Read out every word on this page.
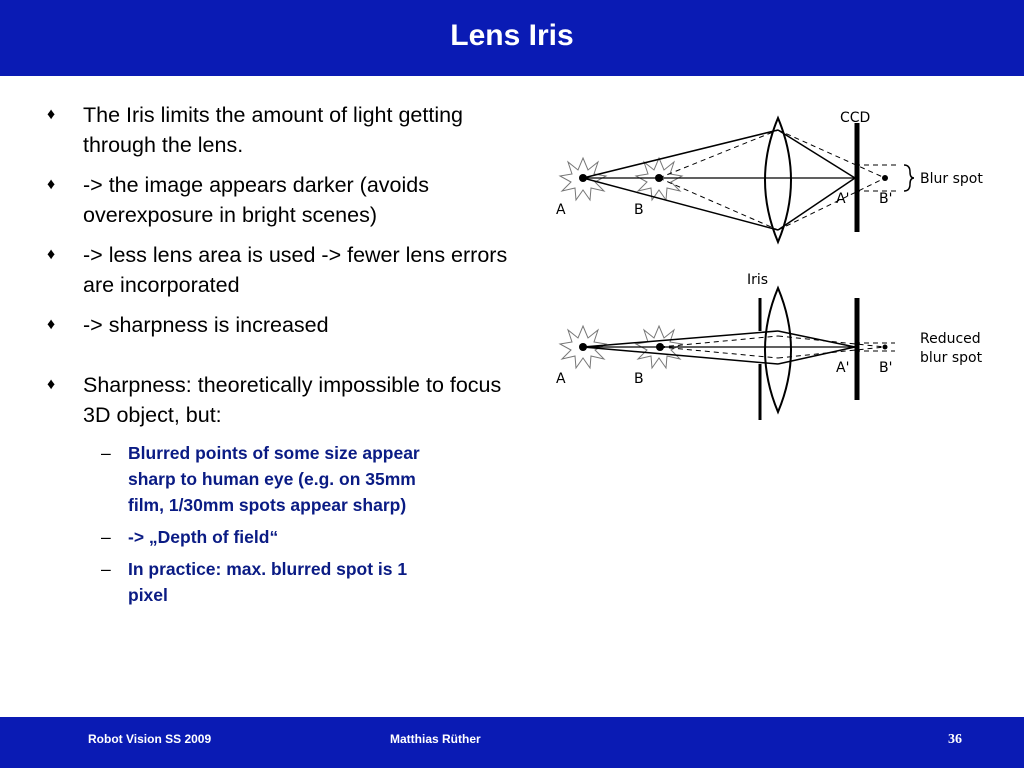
Lens Iris
♦ The Iris limits the amount of light getting through the lens.
♦ -> the image appears darker (avoids overexposure in bright scenes)
♦ -> less lens area is used -> fewer lens errors are incorporated
♦ -> sharpness is increased
♦ Sharpness: theoretically impossible to focus 3D object, but:
– Blurred points of some size appear sharp to human eye (e.g. on 35mm film, 1/30mm spots appear sharp)
– -> „Depth of field“
– In practice: max. blurred spot is 1 pixel
CCD
Blur spot
A	B
A' B'
Iris
Reduced
blur spot
A	B
A' B'
Robot Vision SS 2009	Matthias Rüther	36
